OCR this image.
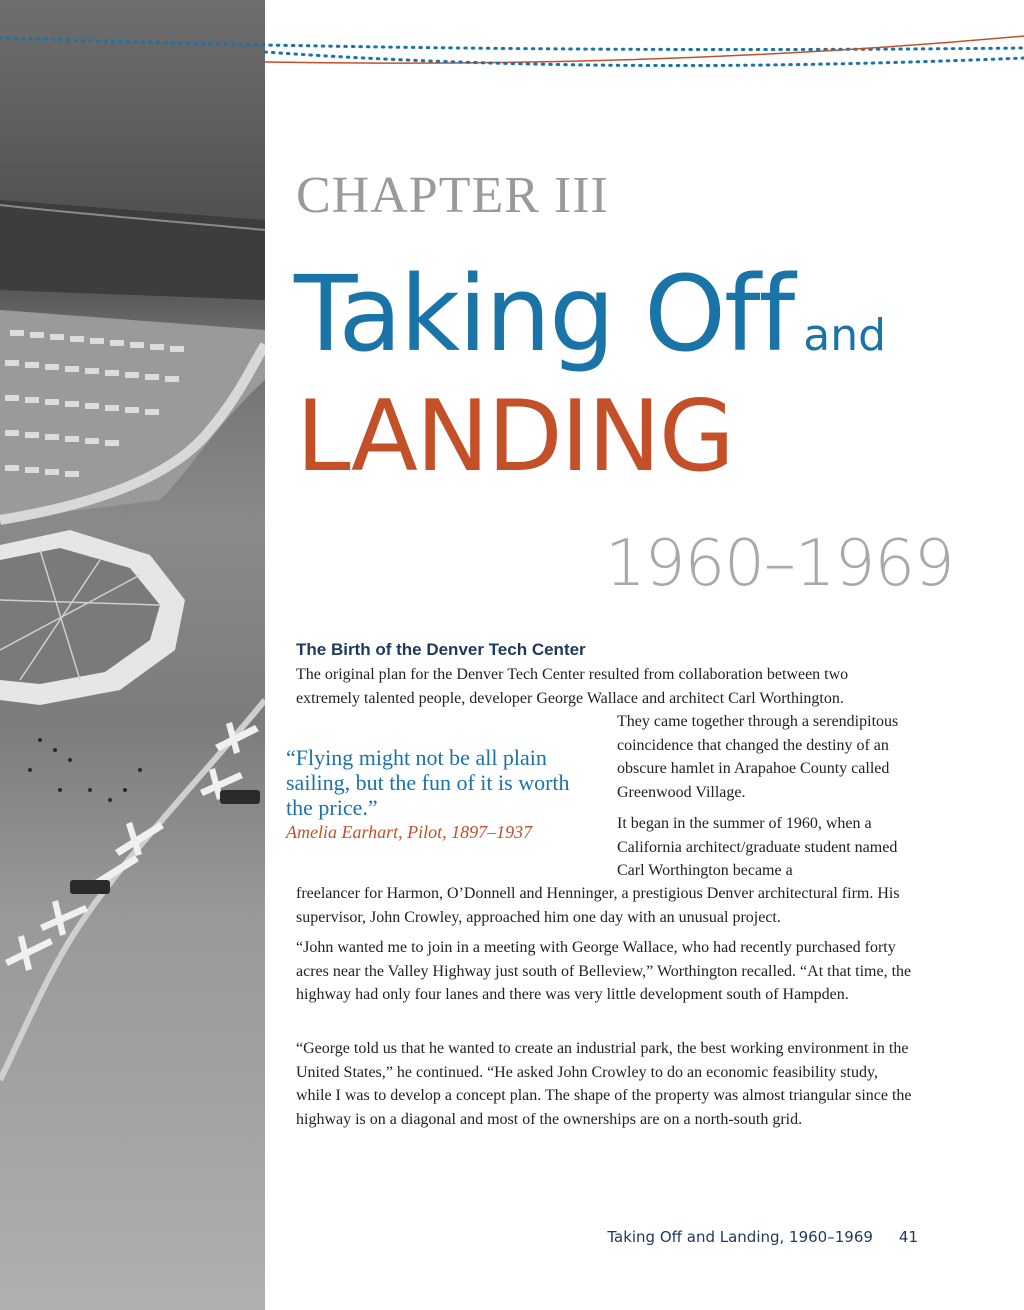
CHAPTER III
Taking Off and
LANDING
1960–1969
The Birth of the Denver Tech Center

The original plan for the Denver Tech Center resulted from collaboration between two extremely talented people, developer George Wallace and architect Carl Worthington.

They came together through a serendipitous coincidence that changed the destiny of an obscure hamlet in Arapahoe County called Greenwood Village.

It began in the summer of 1960, when a California architect/graduate student named Carl Worthington became a

freelancer for Harmon, O’Donnell and Henninger, a prestigious Denver architectural firm. His supervisor, John Crowley, approached him one day with an unusual project.

“John wanted me to join in a meeting with George Wallace, who had recently purchased forty acres near the Valley Highway just south of Belleview,” Worthington recalled. “At that time, the highway had only four lanes and there was very little development south of Hampden.

“George told us that he wanted to create an industrial park, the best working environment in the United States,” he continued. “He asked John Crowley to do an economic feasibility study, while I was to develop a concept plan. The shape of the property was almost triangular since the highway is on a diagonal and most of the ownerships are on a north-south grid.

“Flying might not be all plain sailing, but the fun of it is worth the price.”

Amelia Earhart, Pilot, 1897–1937

Taking Off and Landing, 1960–1969 41
